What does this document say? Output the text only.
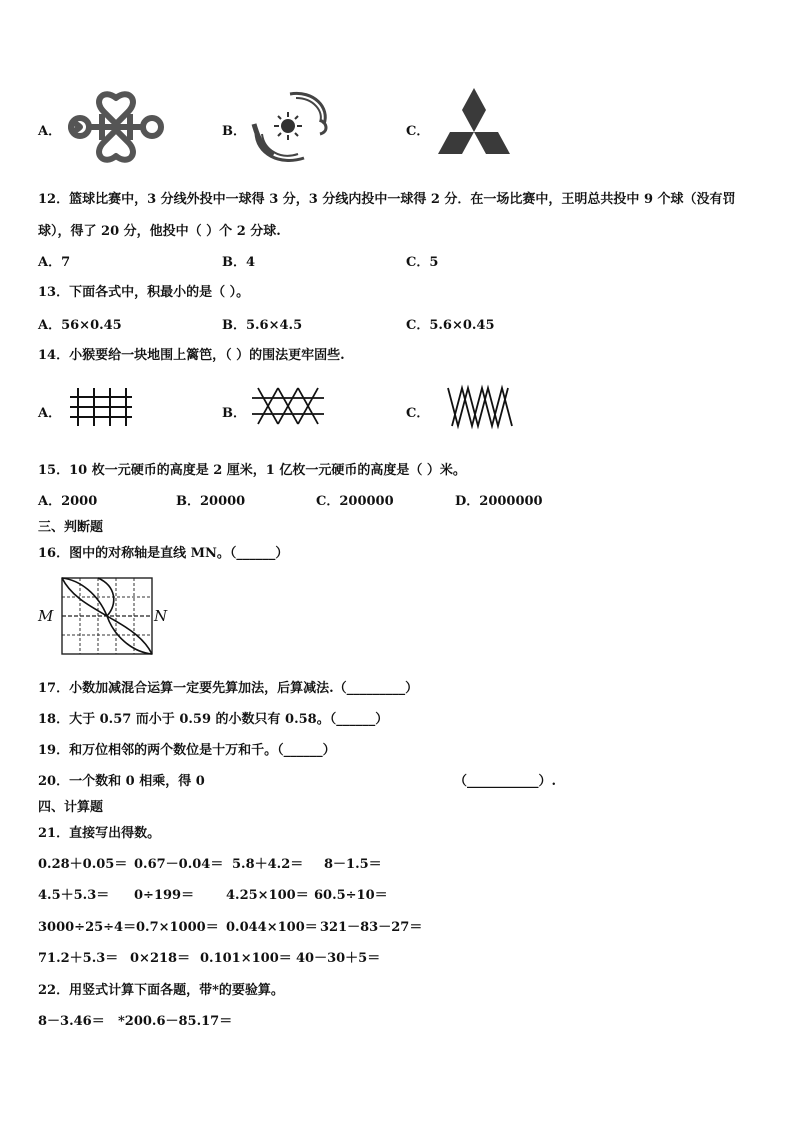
A．	B．	C．
12．篮球比赛中，3 分线外投中一球得 3 分，3 分线内投中一球得 2 分．在一场比赛中，王明总共投中 9 个球（没有罚
球），得了 20 分，他投中（ ）个 2 分球.
A．7	B．4	C．5
13．下面各式中，积最小的是（ ）。
A．56×0.45	B．5.6×4.5	C．5.6×0.45
14．小猴要给一块地围上篱笆，（ ）的围法更牢固些.
A．	B．	C．
15．10 枚一元硬币的高度是 2 厘米，1 亿枚一元硬币的高度是（ ）米。
A．2000	B．20000	C．200000	D．2000000
三、判断题
16．图中的对称轴是直线 MN。（______）
M	N
17．小数加减混合运算一定要先算加法，后算减法.（_________）
18．大于 0.57 而小于 0.59 的小数只有 0.58。（______）
19．和万位相邻的两个数位是十万和千。（______）
20．一个数和 0 相乘，得 0	（___________）.
四、计算题
21．直接写出得数。
0.28＋0.05＝ 0.67－0.04＝ 5.8＋4.2＝ 8－1.5＝
4.5＋5.3＝ 0÷199＝ 4.25×100＝ 60.5÷10＝
3000÷25÷4＝ 0.7×1000＝ 0.044×100＝ 321－83－27＝
71.2＋5.3＝ 0×218＝ 0.101×100＝ 40－30＋5＝
22．用竖式计算下面各题，带*的要验算。
8－3.46＝ *200.6－85.17＝
